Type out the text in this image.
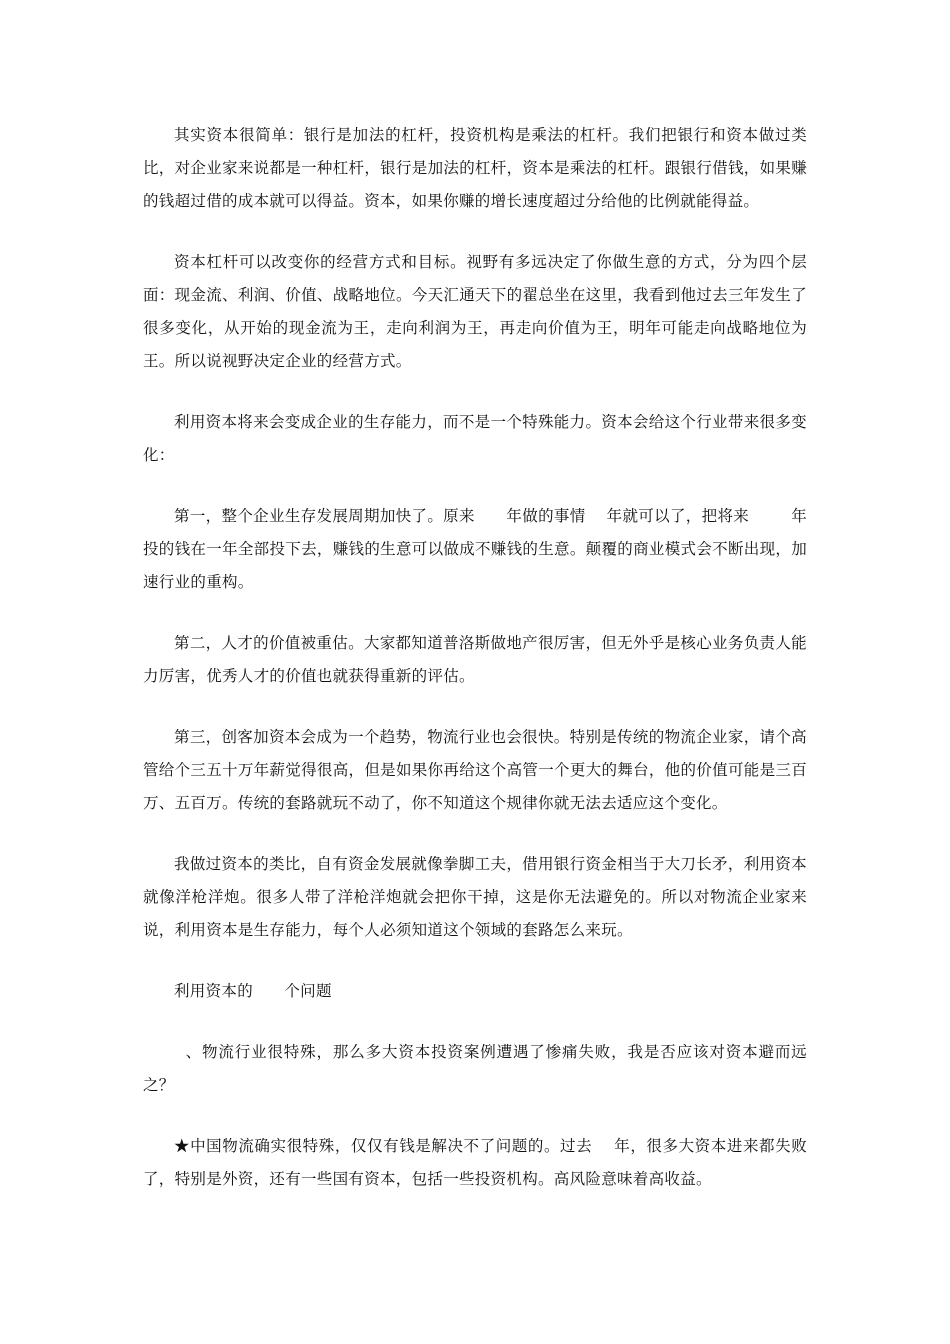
其实资本很简单：银行是加法的杠杆，投资机构是乘法的杠杆。我们把银行和资本做过类比，对企业家来说都是一种杠杆，银行是加法的杠杆，资本是乘法的杠杆。跟银行借钱，如果赚的钱超过借的成本就可以得益。资本，如果你赚的增长速度超过分给他的比例就能得益。

资本杠杆可以改变你的经营方式和目标。视野有多远决定了你做生意的方式，分为四个层面：现金流、利润、价值、战略地位。今天汇通天下的翟总坐在这里，我看到他过去三年发生了很多变化，从开始的现金流为王，走向利润为王，再走向价值为王，明年可能走向战略地位为王。所以说视野决定企业的经营方式。

利用资本将来会变成企业的生存能力，而不是一个特殊能力。资本会给这个行业带来很多变化：

第一，整个企业生存发展周期加快了。原来      年做的事情    年就可以了，把将来        年投的钱在一年全部投下去，赚钱的生意可以做成不赚钱的生意。颠覆的商业模式会不断出现，加速行业的重构。

第二，人才的价值被重估。大家都知道普洛斯做地产很厉害，但无外乎是核心业务负责人能力厉害，优秀人才的价值也就获得重新的评估。

第三，创客加资本会成为一个趋势，物流行业也会很快。特别是传统的物流企业家，请个高管给个三五十万年薪觉得很高，但是如果你再给这个高管一个更大的舞台，他的价值可能是三百万、五百万。传统的套路就玩不动了，你不知道这个规律你就无法去适应这个变化。

我做过资本的类比，自有资金发展就像拳脚工夫，借用银行资金相当于大刀长矛，利用资本就像洋枪洋炮。很多人带了洋枪洋炮就会把你干掉，这是你无法避免的。所以对物流企业家来说，利用资本是生存能力，每个人必须知道这个领域的套路怎么来玩。

利用资本的      个问题

、物流行业很特殊，那么多大资本投资案例遭遇了惨痛失败，我是否应该对资本避而远之？

★中国物流确实很特殊，仅仅有钱是解决不了问题的。过去    年，很多大资本进来都失败了，特别是外资，还有一些国有资本，包括一些投资机构。高风险意味着高收益。
